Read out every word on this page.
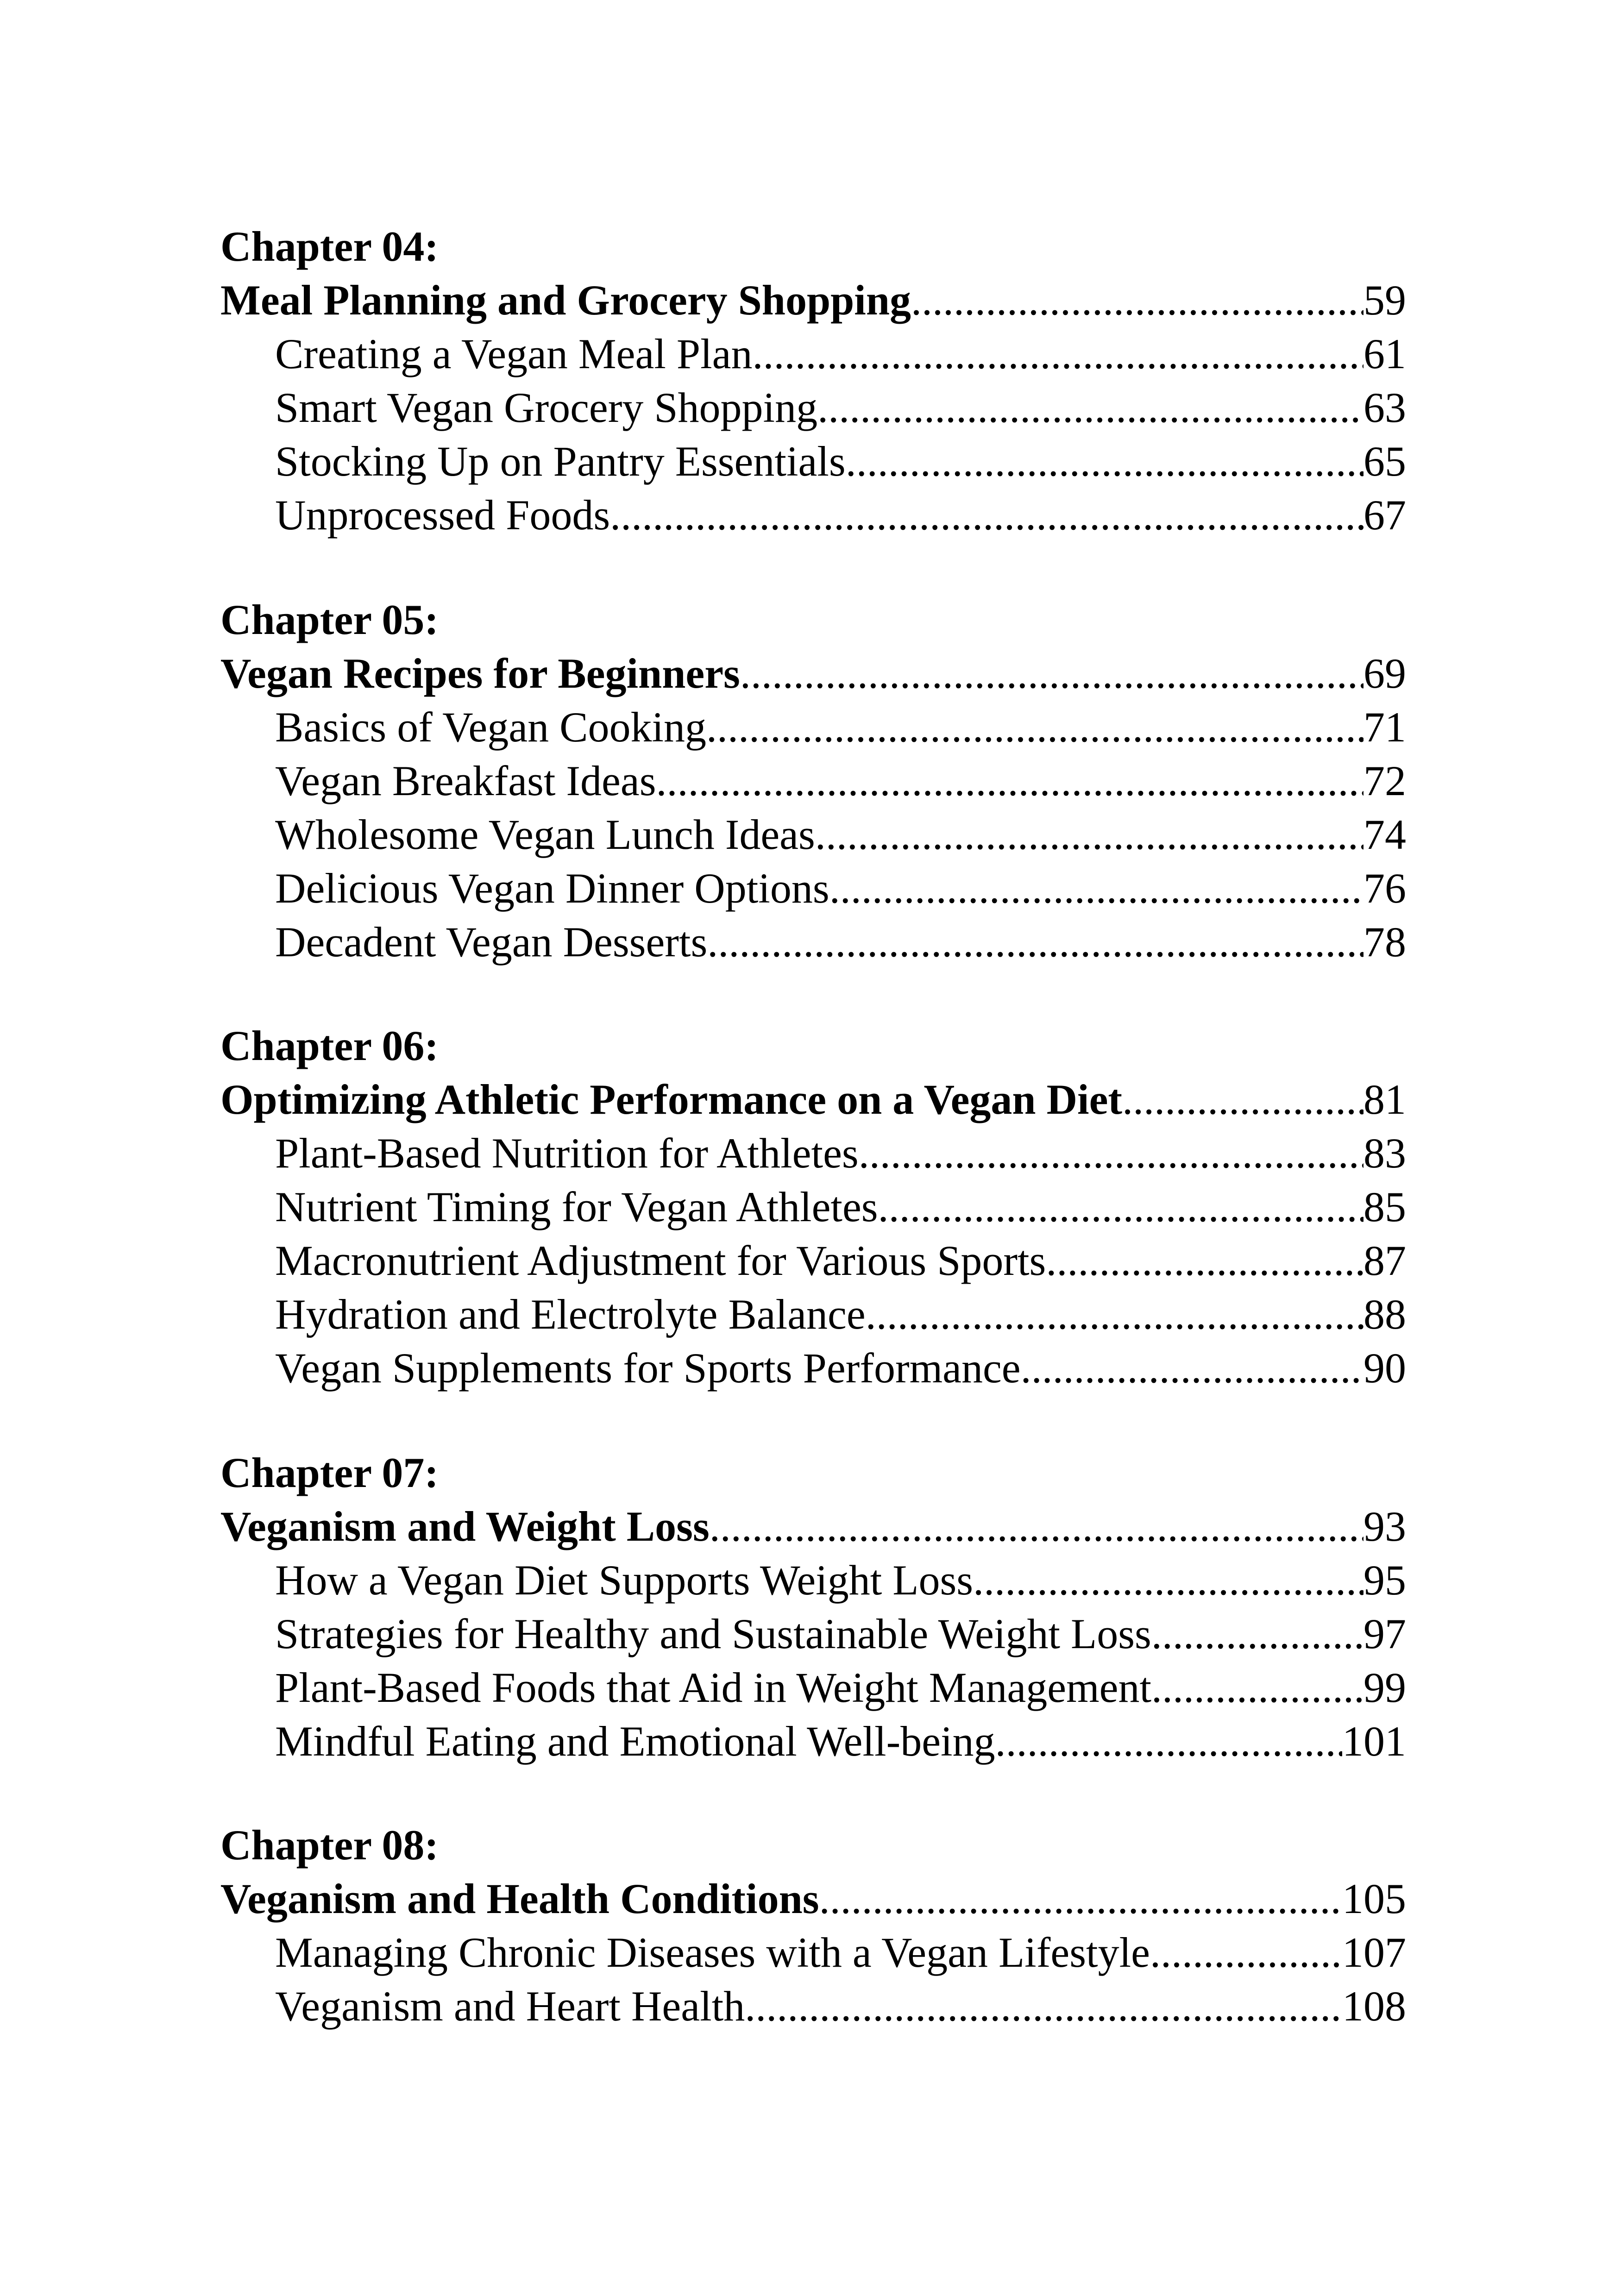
Chapter 04:
Meal Planning and Grocery Shopping .....	59
Creating a Vegan Meal Plan .....	61
Smart Vegan Grocery Shopping .....	63
Stocking Up on Pantry Essentials .....	65
Unprocessed Foods .....	67
Chapter 05:
Vegan Recipes for Beginners .....	69
Basics of Vegan Cooking .....	71
Vegan Breakfast Ideas .....	72
Wholesome Vegan Lunch Ideas .....	74
Delicious Vegan Dinner Options .....	76
Decadent Vegan Desserts .....	78
Chapter 06:
Optimizing Athletic Performance on a Vegan Diet .....	81
Plant-Based Nutrition for Athletes .....	83
Nutrient Timing for Vegan Athletes .....	85
Macronutrient Adjustment for Various Sports .....	87
Hydration and Electrolyte Balance .....	88
Vegan Supplements for Sports Performance .....	90
Chapter 07:
Veganism and Weight Loss .....	93
How a Vegan Diet Supports Weight Loss .....	95
Strategies for Healthy and Sustainable Weight Loss .....	97
Plant-Based Foods that Aid in Weight Management .....	99
Mindful Eating and Emotional Well-being .....	101
Chapter 08:
Veganism and Health Conditions .....	105
Managing Chronic Diseases with a Vegan Lifestyle .....	107
Veganism and Heart Health .....	108
